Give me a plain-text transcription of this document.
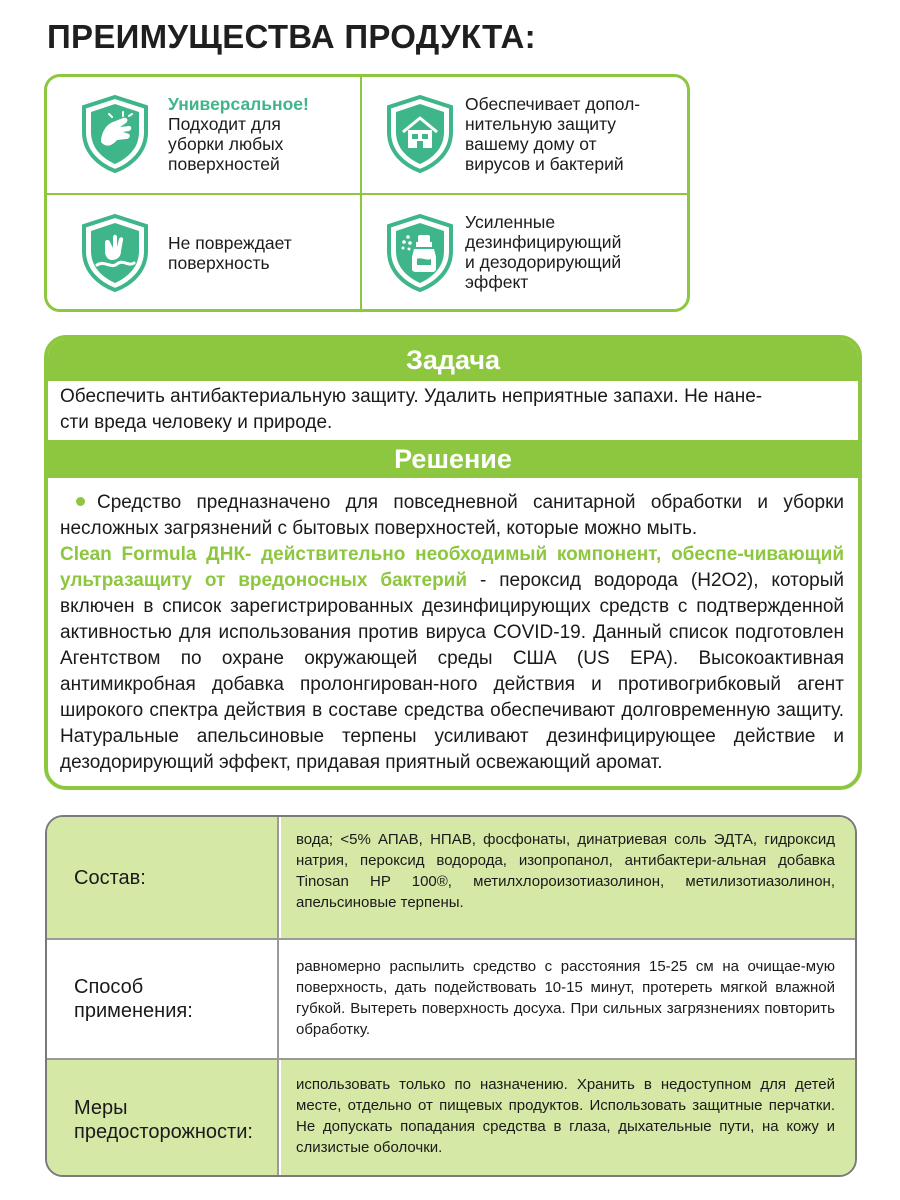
ПРЕИМУЩЕСТВА ПРОДУКТА:
Универсальное!
Подходит для
уборки любых
поверхностей
Обеспечивает допол-
нительную защиту
вашему дому от
вирусов и бактерий
Не повреждает
поверхность
Усиленные
дезинфицирующий
и дезодорирующий
эффект
Задача
Обеспечить антибактериальную защиту. Удалить неприятные запахи. Не нане-
сти вреда человеку и природе.
Решение

Средство предназначено для повседневной санитарной обработки и уборки несложных загрязнений с бытовых поверхностей, которые можно мыть.

Clean Formula ДНК- действительно необходимый компонент, обеспе-чивающий ультразащиту от вредоносных бактерий - пероксид водорода (H2O2), который включен в список зарегистрированных дезинфицирующих средств с подтвержденной активностью для использования против вируса COVID-19. Данный список подготовлен Агентством по охране окружающей среды США (US EPA). Высокоактивная антимикробная добавка пролонгирован-ного действия и противогрибковый агент широкого спектра действия в составе средства обеспечивают долговременную защиту. Натуральные апельсиновые терпены усиливают дезинфицирующее действие и дезодорирующий эффект, придавая приятный освежающий аромат.

Состав:
вода; <5% АПАВ, НПАВ, фосфонаты, динатриевая соль ЭДТА, гидроксид натрия, пероксид водорода, изопропанол, антибактери-альная добавка Tinosan HP 100®, метилхлороизотиазолинон, метилизотиазолинон, апельсиновые терпены.
Способ
применения:
равномерно распылить средство с расстояния 15-25 см на очищае-мую поверхность, дать подействовать 10-15 минут, протереть мягкой влажной губкой. Вытереть поверхность досуха. При сильных загрязнениях повторить обработку.
Меры
предосторожности:
использовать только по назначению. Хранить в недоступном для детей месте, отдельно от пищевых продуктов. Использовать защитные перчатки. Не допускать попадания средства в глаза, дыхательные пути, на кожу и слизистые оболочки.
